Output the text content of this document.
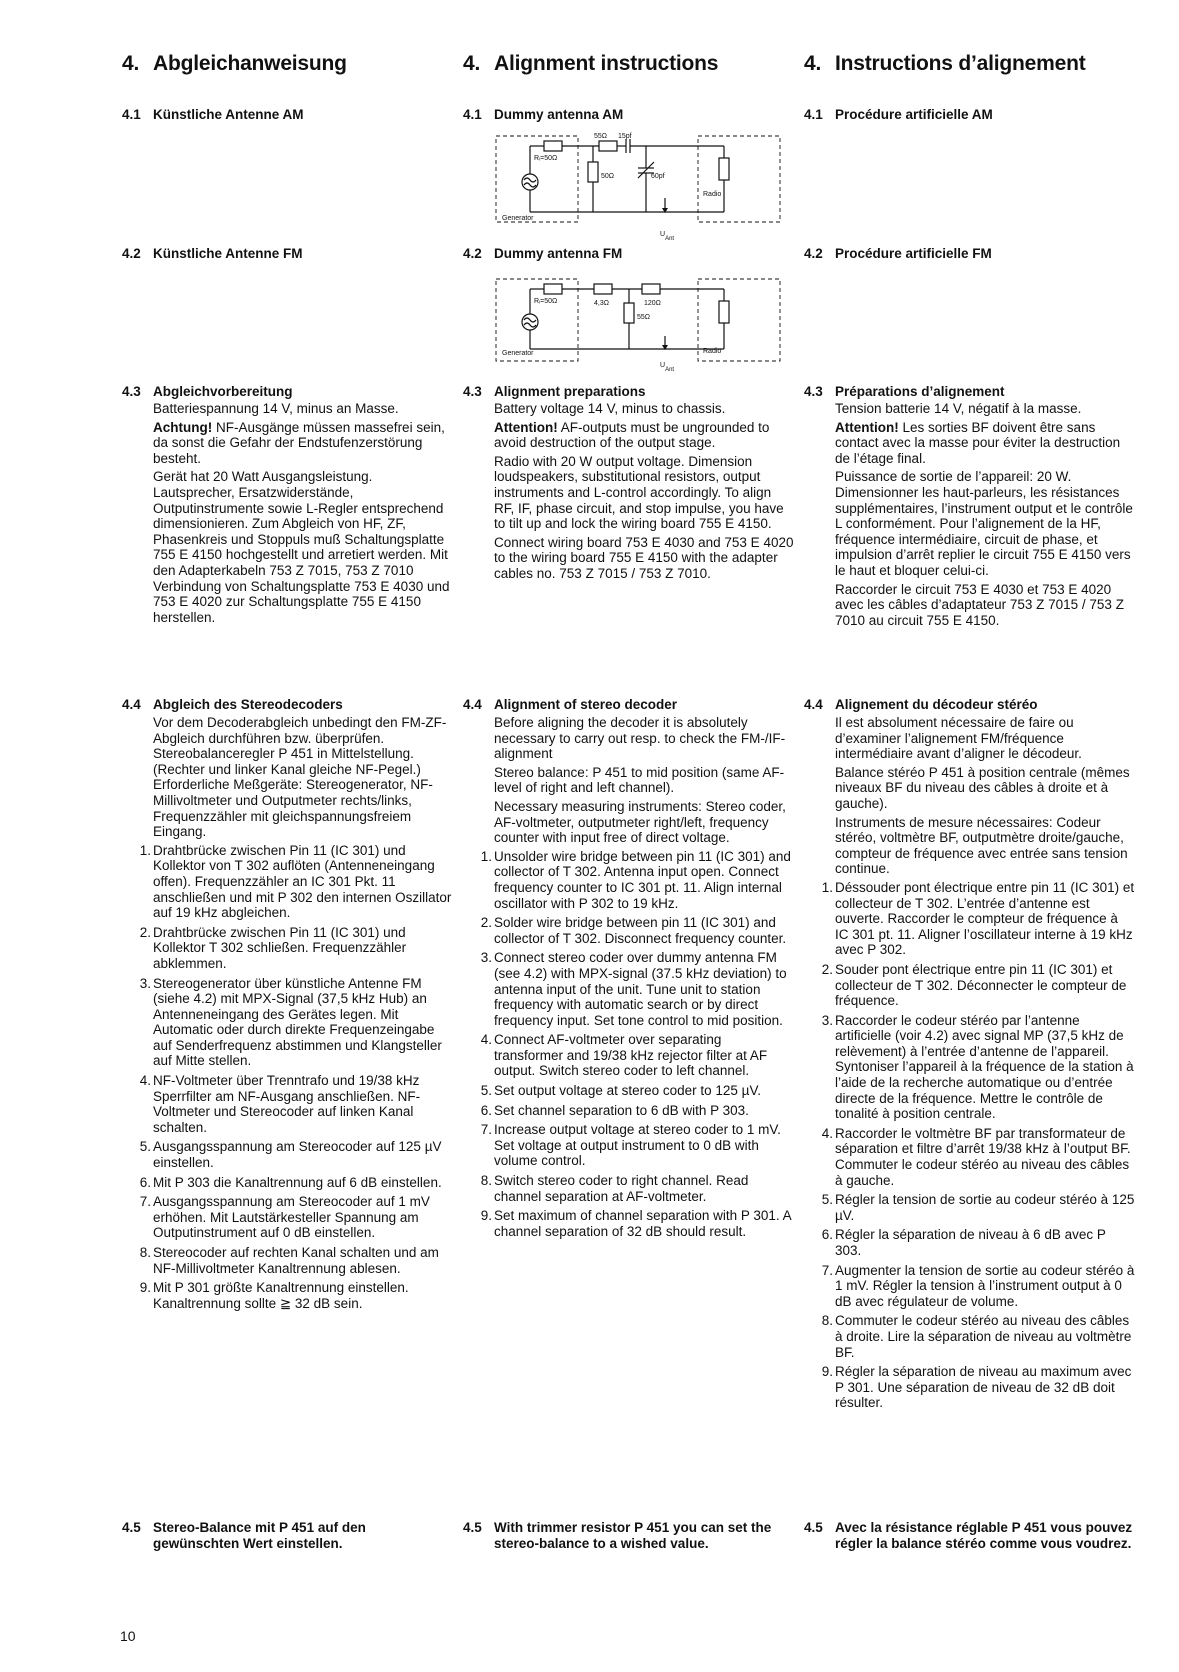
4. Abgleichanweisung
4.1 Künstliche Antenne AM
4.2 Künstliche Antenne FM
4.3 Abgleichvorbereitung

Batteriespannung 14 V, minus an Masse.

Achtung! NF-Ausgänge müssen massefrei sein, da sonst die Gefahr der Endstufenzerstörung besteht.

Gerät hat 20 Watt Ausgangsleistung. Lautsprecher, Ersatzwiderstände, Outputinstrumente sowie L-Regler entsprechend dimensionieren. Zum Abgleich von HF, ZF, Phasenkreis und Stoppuls muß Schaltungsplatte 755 E 4150 hochgestellt und arretiert werden. Mit den Adapterkabeln 753 Z 7015, 753 Z 7010 Verbindung von Schaltungsplatte 753 E 4030 und 753 E 4020 zur Schaltungsplatte 755 E 4150 herstellen.

4.4 Abgleich des Stereodecoders

Vor dem Decoderabgleich unbedingt den FM-ZF-Abgleich durchführen bzw. überprüfen. Stereobalanceregler P 451 in Mittelstellung. (Rechter und linker Kanal gleiche NF-Pegel.) Erforderliche Meßgeräte: Stereogenerator, NF-Millivoltmeter und Outputmeter rechts/links, Frequenzzähler mit gleichspannungsfreiem Eingang.

1. Drahtbrücke zwischen Pin 11 (IC 301) und Kollektor von T 302 auflöten (Antenneneingang offen). Frequenzzähler an IC 301 Pkt. 11 anschließen und mit P 302 den internen Oszillator auf 19 kHz abgleichen.
2. Drahtbrücke zwischen Pin 11 (IC 301) und Kollektor T 302 schließen. Frequenzzähler abklemmen.
3. Stereogenerator über künstliche Antenne FM (siehe 4.2) mit MPX-Signal (37,5 kHz Hub) an Antenneneingang des Gerätes legen. Mit Automatic oder durch direkte Frequenzeingabe auf Senderfrequenz abstimmen und Klangsteller auf Mitte stellen.
4. NF-Voltmeter über Trenntrafo und 19/38 kHz Sperrfilter am NF-Ausgang anschließen. NF-Voltmeter und Stereocoder auf linken Kanal schalten.
5. Ausgangsspannung am Stereocoder auf 125 µV einstellen.
6. Mit P 303 die Kanaltrennung auf 6 dB einstellen.
7. Ausgangsspannung am Stereocoder auf 1 mV erhöhen. Mit Lautstärkesteller Spannung am Outputinstrument auf 0 dB einstellen.
8. Stereocoder auf rechten Kanal schalten und am NF-Millivoltmeter Kanaltrennung ablesen.
9. Mit P 301 größte Kanaltrennung einstellen. Kanaltrennung sollte ≧ 32 dB sein.
4.5 Stereo-Balance mit P 451 auf den gewünschten Wert einstellen.
4. Alignment instructions
4.1 Dummy antenna AM
4.2 Dummy antenna FM
4.3 Alignment preparations

Battery voltage 14 V, minus to chassis.

Attention! AF-outputs must be ungrounded to avoid destruction of the output stage.

Radio with 20 W output voltage. Dimension loudspeakers, substitutional resistors, output instruments and L-control accordingly. To align RF, IF, phase circuit, and stop impulse, you have to tilt up and lock the wiring board 755 E 4150.

Connect wiring board 753 E 4030 and 753 E 4020 to the wiring board 755 E 4150 with the adapter cables no. 753 Z 7015 / 753 Z 7010.

4.4 Alignment of stereo decoder

Before aligning the decoder it is absolutely necessary to carry out resp. to check the FM-/IF-alignment

Stereo balance: P 451 to mid position (same AF-level of right and left channel).

Necessary measuring instruments: Stereo coder, AF-voltmeter, outputmeter right/left, frequency counter with input free of direct voltage.

1. Unsolder wire bridge between pin 11 (IC 301) and collector of T 302. Antenna input open. Connect frequency counter to IC 301 pt. 11. Align internal oscillator with P 302 to 19 kHz.
2. Solder wire bridge between pin 11 (IC 301) and collector of T 302. Disconnect frequency counter.
3. Connect stereo coder over dummy antenna FM (see 4.2) with MPX-signal (37.5 kHz deviation) to antenna input of the unit. Tune unit to station frequency with automatic search or by direct frequency input. Set tone control to mid position.
4. Connect AF-voltmeter over separating transformer and 19/38 kHz rejector filter at AF output. Switch stereo coder to left channel.
5. Set output voltage at stereo coder to 125 µV.
6. Set channel separation to 6 dB with P 303.
7. Increase output voltage at stereo coder to 1 mV. Set voltage at output instrument to 0 dB with volume control.
8. Switch stereo coder to right channel. Read channel separation at AF-voltmeter.
9. Set maximum of channel separation with P 301. A channel separation of 32 dB should result.
4.5 With trimmer resistor P 451 you can set the stereo-balance to a wished value.
4. Instructions d’alignement
4.1 Procédure artificielle AM
4.2 Procédure artificielle FM
4.3 Préparations d’alignement

Tension batterie 14 V, négatif à la masse.

Attention! Les sorties BF doivent être sans contact avec la masse pour éviter la destruction de l’étage final.

Puissance de sortie de l’appareil: 20 W. Dimensionner les haut-parleurs, les résistances supplémentaires, l’instrument output et le contrôle L conformément. Pour l’alignement de la HF, fréquence intermédiaire, circuit de phase, et impulsion d’arrêt replier le circuit 755 E 4150 vers le haut et bloquer celui-ci.

Raccorder le circuit 753 E 4030 et 753 E 4020 avec les câbles d’adaptateur 753 Z 7015 / 753 Z 7010 au circuit 755 E 4150.

4.4 Alignement du décodeur stéréo

Il est absolument nécessaire de faire ou d’examiner l’alignement FM/fréquence intermédiaire avant d’aligner le décodeur.

Balance stéréo P 451 à position centrale (mêmes niveaux BF du niveau des câbles à droite et à gauche).

Instruments de mesure nécessaires: Codeur stéréo, voltmètre BF, outputmètre droite/gauche, compteur de fréquence avec entrée sans tension continue.

1. Déssouder pont électrique entre pin 11 (IC 301) et collecteur de T 302. L’entrée d’antenne est ouverte. Raccorder le compteur de fréquence à IC 301 pt. 11. Aligner l’oscillateur interne à 19 kHz avec P 302.
2. Souder pont électrique entre pin 11 (IC 301) et collecteur de T 302. Déconnecter le compteur de fréquence.
3. Raccorder le codeur stéréo par l’antenne artificielle (voir 4.2) avec signal MP (37,5 kHz de relèvement) à l’entrée d’antenne de l’appareil. Syntoniser l’appareil à la fréquence de la station à l’aide de la recherche automatique ou d’entrée directe de la fréquence. Mettre le contrôle de tonalité à position centrale.
4. Raccorder le voltmètre BF par transformateur de séparation et filtre d’arrêt 19/38 kHz à l’output BF. Commuter le codeur stéréo au niveau des câbles à gauche.
5. Régler la tension de sortie au codeur stéréo à 125 µV.
6. Régler la séparation de niveau à 6 dB avec P 303.
7. Augmenter la tension de sortie au codeur stéréo à 1 mV. Régler la tension à l’instrument output à 0 dB avec régulateur de volume.
8. Commuter le codeur stéréo au niveau des câbles à droite. Lire la séparation de niveau au voltmètre BF.
9. Régler la séparation de niveau au maximum avec P 301. Une séparation de niveau de 32 dB doit résulter.
4.5 Avec la résistance réglable P 451 vous pouvez régler la balance stéréo comme vous voudrez.
Rᵢ=50Ω
55Ω 15pf
50Ω	60pf
Generator
Radio
UAnt
Rᵢ=50Ω	4,3Ω	120Ω
55Ω
Generator	Radio
UAnt
10
